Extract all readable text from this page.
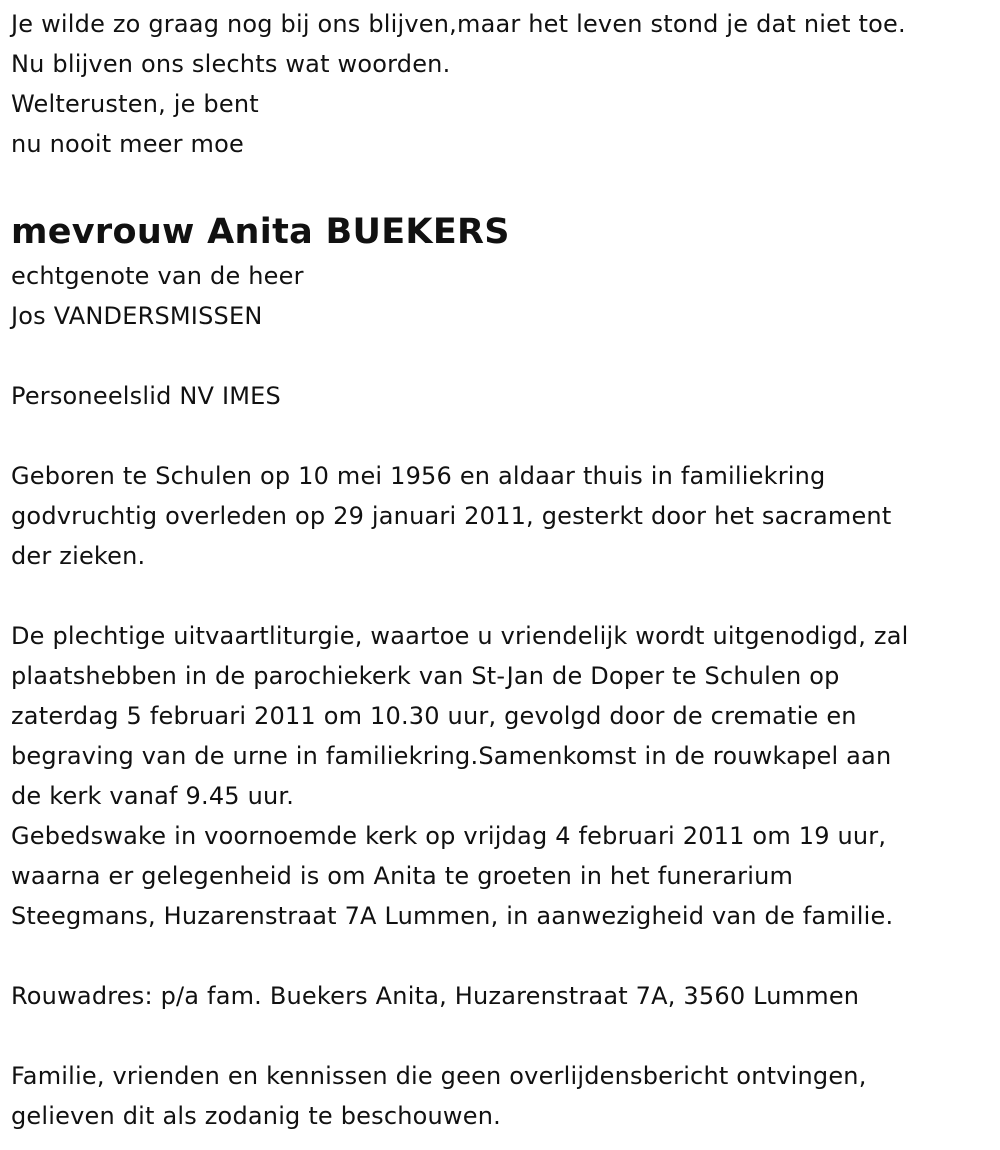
Je wilde zo graag nog bij ons blijven,maar het leven stond je dat niet toe.
Nu blijven ons slechts wat woorden.
Welterusten, je bent
nu nooit meer moe
mevrouw Anita BUEKERS
echtgenote van de heer
Jos VANDERSMISSEN
Personeelslid NV IMES
Geboren te Schulen op 10 mei 1956 en aldaar thuis in familiekring
godvruchtig overleden op 29 januari 2011, gesterkt door het sacrament
der zieken.
De plechtige uitvaartliturgie, waartoe u vriendelijk wordt uitgenodigd, zal
plaatshebben in de parochiekerk van St-Jan de Doper te Schulen op
zaterdag 5 februari 2011 om 10.30 uur, gevolgd door de crematie en
begraving van de urne in familiekring.Samenkomst in de rouwkapel aan
de kerk vanaf 9.45 uur.
Gebedswake in voornoemde kerk op vrijdag 4 februari 2011 om 19 uur,
waarna er gelegenheid is om Anita te groeten in het funerarium
Steegmans, Huzarenstraat 7A Lummen, in aanwezigheid van de familie.
Rouwadres: p/a fam. Buekers Anita, Huzarenstraat 7A, 3560 Lummen
Familie, vrienden en kennissen die geen overlijdensbericht ontvingen,
gelieven dit als zodanig te beschouwen.
